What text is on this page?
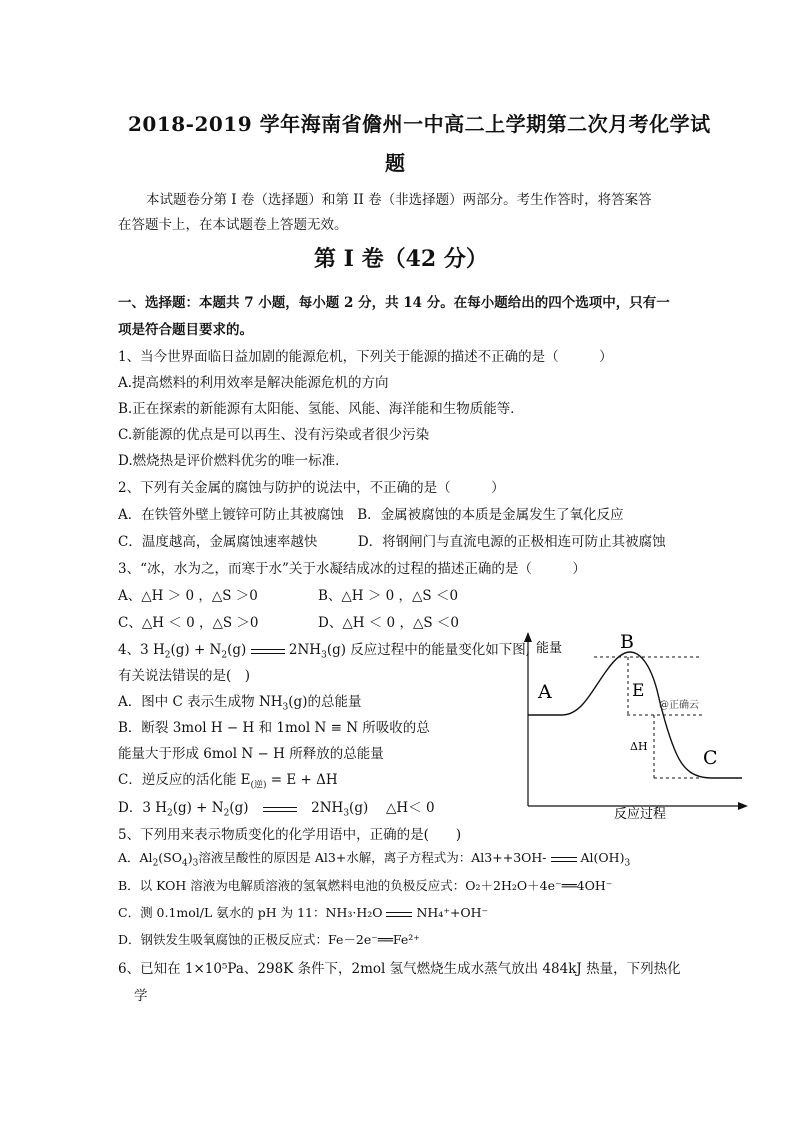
2018-2019 学年海南省儋州一中高二上学期第二次月考化学试
题
本试题卷分第 I 卷（选择题）和第 II 卷（非选择题）两部分。考生作答时，将答案答
在答题卡上，在本试题卷上答题无效。
第 I 卷（42 分）
一、选择题：本题共 7 小题，每小题 2 分，共 14 分。在每小题给出的四个选项中，只有一
项是符合题目要求的。
1、当今世界面临日益加剧的能源危机，下列关于能源的描述不正确的是（　　　）
A.提高燃料的利用效率是解决能源危机的方向
B.正在探索的新能源有太阳能、氢能、风能、海洋能和生物质能等．
C.新能源的优点是可以再生、没有污染或者很少污染
D.燃烧热是评价燃料优劣的唯一标准．
2、下列有关金属的腐蚀与防护的说法中，不正确的是（　　　）
A．在铁管外壁上镀锌可防止其被腐蚀　B．金属被腐蚀的本质是金属发生了氧化反应
C．温度越高，金属腐蚀速率越快　　　D．将钢闸门与直流电源的正极相连可防止其被腐蚀
3、“冰，水为之，而寒于水”关于水凝结成冰的过程的描述正确的是（　　　）
A、△H ＞ 0 ，△S ＞0	B、△H ＞ 0 ，△S ＜0
C、△H ＜ 0 ，△S ＞0	D、△H ＜ 0 ，△S ＜0
4、3 $H_2(g) + N_2(g)$	$2NH_3(g)$ 反应过程中的能量变化如下图,
有关说法错误的是(　)
A．图中 C 表示生成物 $NH_3(g)$的总能量
B．断裂 3mol H − H 和 1mol N ≡ N 所吸收的总
能量大于形成 6mol N − H 所释放的总能量
C．逆反应的活化能 $E_{(逆)} = E + \Delta H$
D．3 $H_2(g) + N_2(g)$	$2NH_3(g)$　 △H＜ 0
能量
反应过程
A
B
C
E
ΔH
@正确云
5、下列用来表示物质变化的化学用语中，正确的是(　　)
A．$Al_2(SO_4)_3$溶液呈酸性的原因是 Al3+水解，离子方程式为：Al3++3OH-	$Al(OH)_3$
B．以 KOH 溶液为电解质溶液的氢氧燃料电池的负极反应式：O₂＋2H₂O＋4e⁻══4OH⁻
C．测 0.1mol/L 氨水的 pH 为 11：NH₃·H₂O	NH₄⁺+OH⁻
D．钢铁发生吸氧腐蚀的正极反应式：Fe－2e⁻══Fe²⁺
6、已知在 1×10⁵Pa、298K 条件下，2mol 氢气燃烧生成水蒸气放出 484kJ 热量，下列热化
学
